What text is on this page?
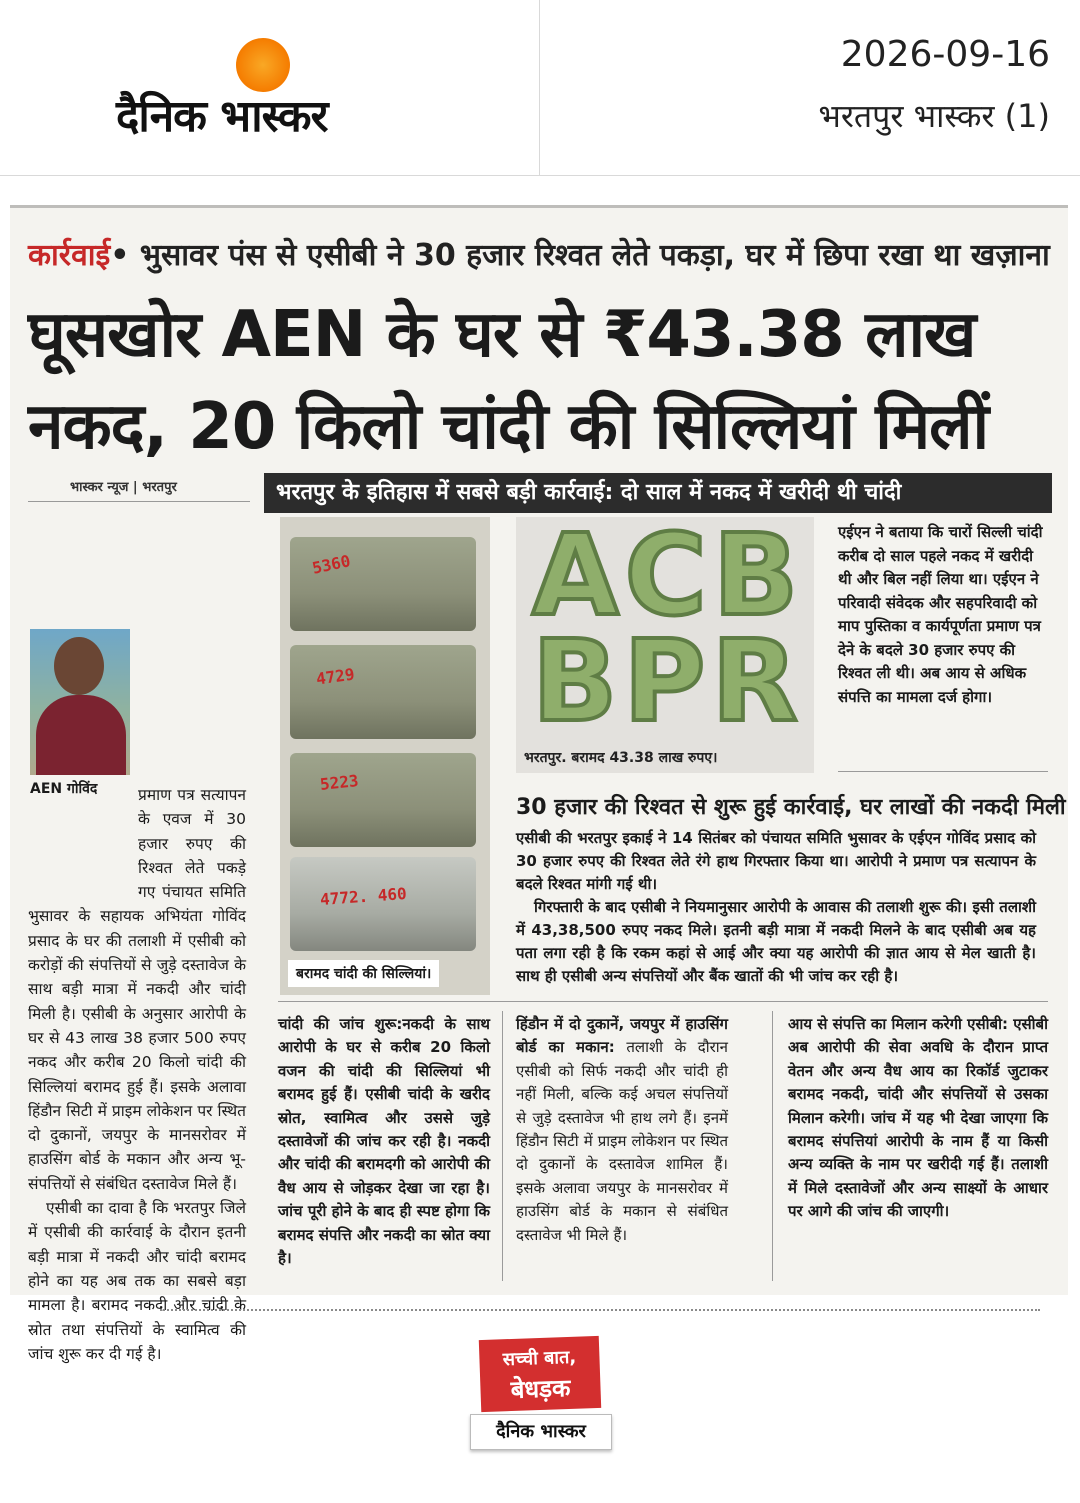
दैनिक भास्कर
2026-09-16
भरतपुर भास्कर (1)
कार्रवाई• भुसावर पंस से एसीबी ने 30 हजार रिश्वत लेते पकड़ा, घर में छिपा रखा था खज़ाना
घूसखोर AEN के घर से ₹43.38 लाख
नकद, 20 किलो चांदी की सिल्लियां मिलीं
भास्कर न्यूज | भरतपुर	भरतपुर के इतिहास में सबसे बड़ी कार्रवाई: दो साल में नकद में खरीदी थी चांदी
प्रमाण पत्र सत्यापन के एवज में 30 हजार रुपए की रिश्वत लेते पकड़े गए पंचायत समिति भुसावर के सहायक अभियंता गोविंद प्रसाद के घर की तलाशी में एसीबी को करोड़ों की संपत्तियों से जुड़े दस्तावेज के साथ बड़ी मात्रा में नकदी और चांदी मिली है। एसीबी के अनुसार आरोपी के घर से 43 लाख 38 हजार 500 रुपए नकद और करीब 20 किलो चांदी की सिल्लियां बरामद हुई हैं। इसके अलावा हिंडौन सिटी में प्राइम लोकेशन पर स्थित दो दुकानों, जयपुर के मानसरोवर में हाउसिंग बोर्ड के मकान और अन्य भू-संपत्तियों से संबंधित दस्तावेज मिले हैं।
एसीबी का दावा है कि भरतपुर जिले में एसीबी की कार्रवाई के दौरान इतनी बड़ी मात्रा में नकदी और चांदी बरामद होने का यह अब तक का सबसे बड़ा मामला है। बरामद नकदी और चांदी के स्रोत तथा संपत्तियों के स्वामित्व की जांच शुरू कर दी गई है।
AEN गोविंद
5360
4729
5223
4772. 460
बरामद चांदी की सिल्लियां।
ACB
BPR
भरतपुर. बरामद 43.38 लाख रुपए।
एईएन ने बताया कि चारों सिल्ली चांदी करीब दो साल पहले नकद में खरीदी थी और बिल नहीं लिया था। एईएन ने परिवादी संवेदक और सहपरिवादी को माप पुस्तिका व कार्यपूर्णता प्रमाण पत्र देने के बदले 30 हजार रुपए की रिश्वत ली थी। अब आय से अधिक संपत्ति का मामला दर्ज होगा।
30 हजार की रिश्वत से शुरू हुई कार्रवाई, घर लाखों की नकदी मिली
एसीबी की भरतपुर इकाई ने 14 सितंबर को पंचायत समिति भुसावर के एईएन गोविंद प्रसाद को 30 हजार रुपए की रिश्वत लेते रंगे हाथ गिरफ्तार किया था। आरोपी ने प्रमाण पत्र सत्यापन के बदले रिश्वत मांगी गई थी।
गिरफ्तारी के बाद एसीबी ने नियमानुसार आरोपी के आवास की तलाशी शुरू की। इसी तलाशी में 43,38,500 रुपए नकद मिले। इतनी बड़ी मात्रा में नकदी मिलने के बाद एसीबी अब यह पता लगा रही है कि रकम कहां से आई और क्या यह आरोपी की ज्ञात आय से मेल खाती है। साथ ही एसीबी अन्य संपत्तियों और बैंक खातों की भी जांच कर रही है।
चांदी की जांच शुरू:नकदी के साथ आरोपी के घर से करीब 20 किलो वजन की चांदी की सिल्लियां भी बरामद हुई हैं। एसीबी चांदी के खरीद स्रोत, स्वामित्व और उससे जुड़े दस्तावेजों की जांच कर रही है। नकदी और चांदी की बरामदगी को आरोपी की वैध आय से जोड़कर देखा जा रहा है। जांच पूरी होने के बाद ही स्पष्ट होगा कि बरामद संपत्ति और नकदी का स्रोत क्या है।
हिंडौन में दो दुकानें, जयपुर में हाउसिंग बोर्ड का मकान: तलाशी के दौरान एसीबी को सिर्फ नकदी और चांदी ही नहीं मिली, बल्कि कई अचल संपत्तियों से जुड़े दस्तावेज भी हाथ लगे हैं। इनमें हिंडौन सिटी में प्राइम लोकेशन पर स्थित दो दुकानों के दस्तावेज शामिल हैं। इसके अलावा जयपुर के मानसरोवर में हाउसिंग बोर्ड के मकान से संबंधित दस्तावेज भी मिले हैं।
आय से संपत्ति का मिलान करेगी एसीबी: एसीबी अब आरोपी की सेवा अवधि के दौरान प्राप्त वेतन और अन्य वैध आय का रिकॉर्ड जुटाकर बरामद नकदी, चांदी और संपत्तियों से उसका मिलान करेगी। जांच में यह भी देखा जाएगा कि बरामद संपत्तियां आरोपी के नाम हैं या किसी अन्य व्यक्ति के नाम पर खरीदी गई हैं। तलाशी में मिले दस्तावेजों और अन्य साक्ष्यों के आधार पर आगे की जांच की जाएगी।
सच्ची बात,
बेधड़क
दैनिक भास्कर
